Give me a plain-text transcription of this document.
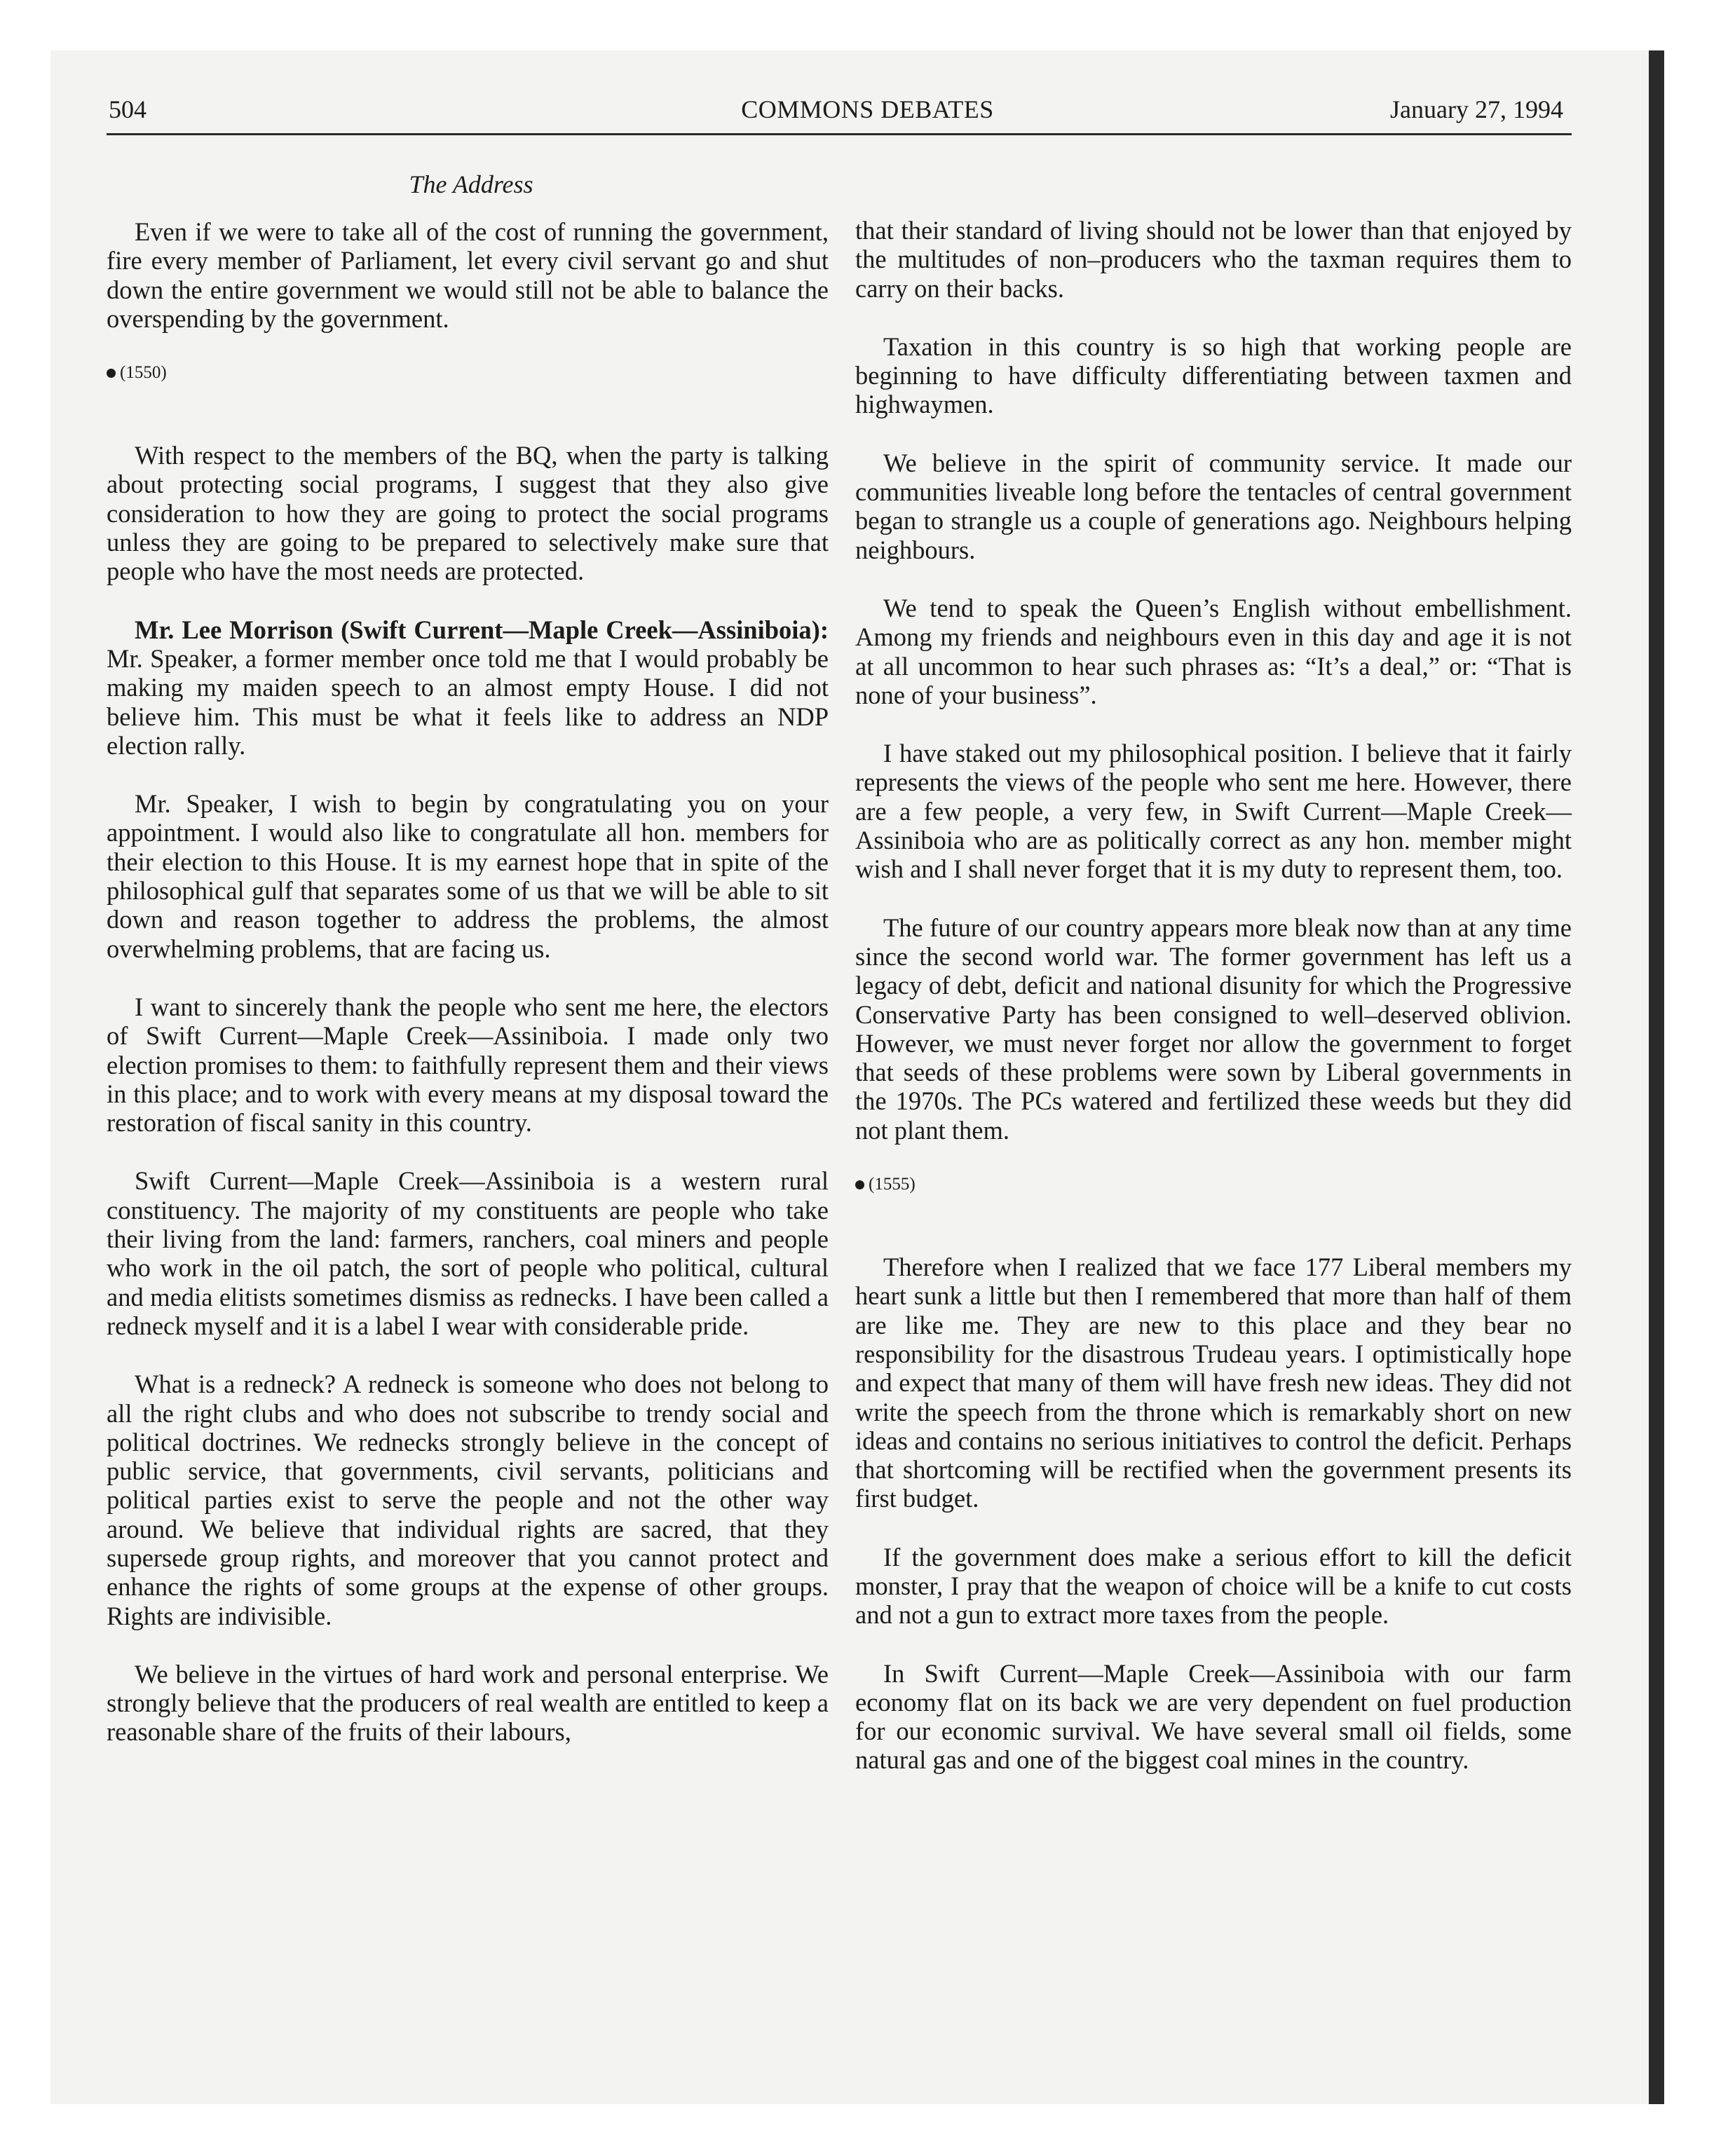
504	COMMONS DEBATES	January 27, 1994
The Address

Even if we were to take all of the cost of running the government, fire every member of Parliament, let every civil servant go and shut down the entire government we would still not be able to balance the overspending by the government.

(1550)

With respect to the members of the BQ, when the party is talking about protecting social programs, I suggest that they also give consideration to how they are going to protect the social programs unless they are going to be prepared to selectively make sure that people who have the most needs are protected.

Mr. Lee Morrison (Swift Current—Maple Creek—Assiniboia): Mr. Speaker, a former member once told me that I would probably be making my maiden speech to an almost empty House. I did not believe him. This must be what it feels like to address an NDP election rally.

Mr. Speaker, I wish to begin by congratulating you on your appointment. I would also like to congratulate all hon. members for their election to this House. It is my earnest hope that in spite of the philosophical gulf that separates some of us that we will be able to sit down and reason together to address the problems, the almost overwhelming problems, that are facing us.

I want to sincerely thank the people who sent me here, the electors of Swift Current—Maple Creek—Assiniboia. I made only two election promises to them: to faithfully represent them and their views in this place; and to work with every means at my disposal toward the restoration of fiscal sanity in this country.

Swift Current—Maple Creek—Assiniboia is a western rural constituency. The majority of my constituents are people who take their living from the land: farmers, ranchers, coal miners and people who work in the oil patch, the sort of people who political, cultural and media elitists sometimes dismiss as rednecks. I have been called a redneck myself and it is a label I wear with considerable pride.

What is a redneck? A redneck is someone who does not belong to all the right clubs and who does not subscribe to trendy social and political doctrines. We rednecks strongly believe in the concept of public service, that governments, civil servants, politicians and political parties exist to serve the people and not the other way around. We believe that individual rights are sacred, that they supersede group rights, and moreover that you cannot protect and enhance the rights of some groups at the expense of other groups. Rights are indivisible.

We believe in the virtues of hard work and personal enterprise. We strongly believe that the producers of real wealth are entitled to keep a reasonable share of the fruits of their labours,

that their standard of living should not be lower than that enjoyed by the multitudes of non–producers who the taxman requires them to carry on their backs.

Taxation in this country is so high that working people are beginning to have difficulty differentiating between taxmen and highwaymen.

We believe in the spirit of community service. It made our communities liveable long before the tentacles of central government began to strangle us a couple of generations ago. Neighbours helping neighbours.

We tend to speak the Queen’s English without embellishment. Among my friends and neighbours even in this day and age it is not at all uncommon to hear such phrases as: “It’s a deal,” or: “That is none of your business”.

I have staked out my philosophical position. I believe that it fairly represents the views of the people who sent me here. However, there are a few people, a very few, in Swift Current—Maple Creek—Assiniboia who are as politically correct as any hon. member might wish and I shall never forget that it is my duty to represent them, too.

The future of our country appears more bleak now than at any time since the second world war. The former government has left us a legacy of debt, deficit and national disunity for which the Progressive Conservative Party has been consigned to well–deserved oblivion. However, we must never forget nor allow the government to forget that seeds of these problems were sown by Liberal governments in the 1970s. The PCs watered and fertilized these weeds but they did not plant them.

(1555)

Therefore when I realized that we face 177 Liberal members my heart sunk a little but then I remembered that more than half of them are like me. They are new to this place and they bear no responsibility for the disastrous Trudeau years. I optimistically hope and expect that many of them will have fresh new ideas. They did not write the speech from the throne which is remarkably short on new ideas and contains no serious initiatives to control the deficit. Perhaps that shortcoming will be rectified when the government presents its first budget.

If the government does make a serious effort to kill the deficit monster, I pray that the weapon of choice will be a knife to cut costs and not a gun to extract more taxes from the people.

In Swift Current—Maple Creek—Assiniboia with our farm economy flat on its back we are very dependent on fuel production for our economic survival. We have several small oil fields, some natural gas and one of the biggest coal mines in the country.
